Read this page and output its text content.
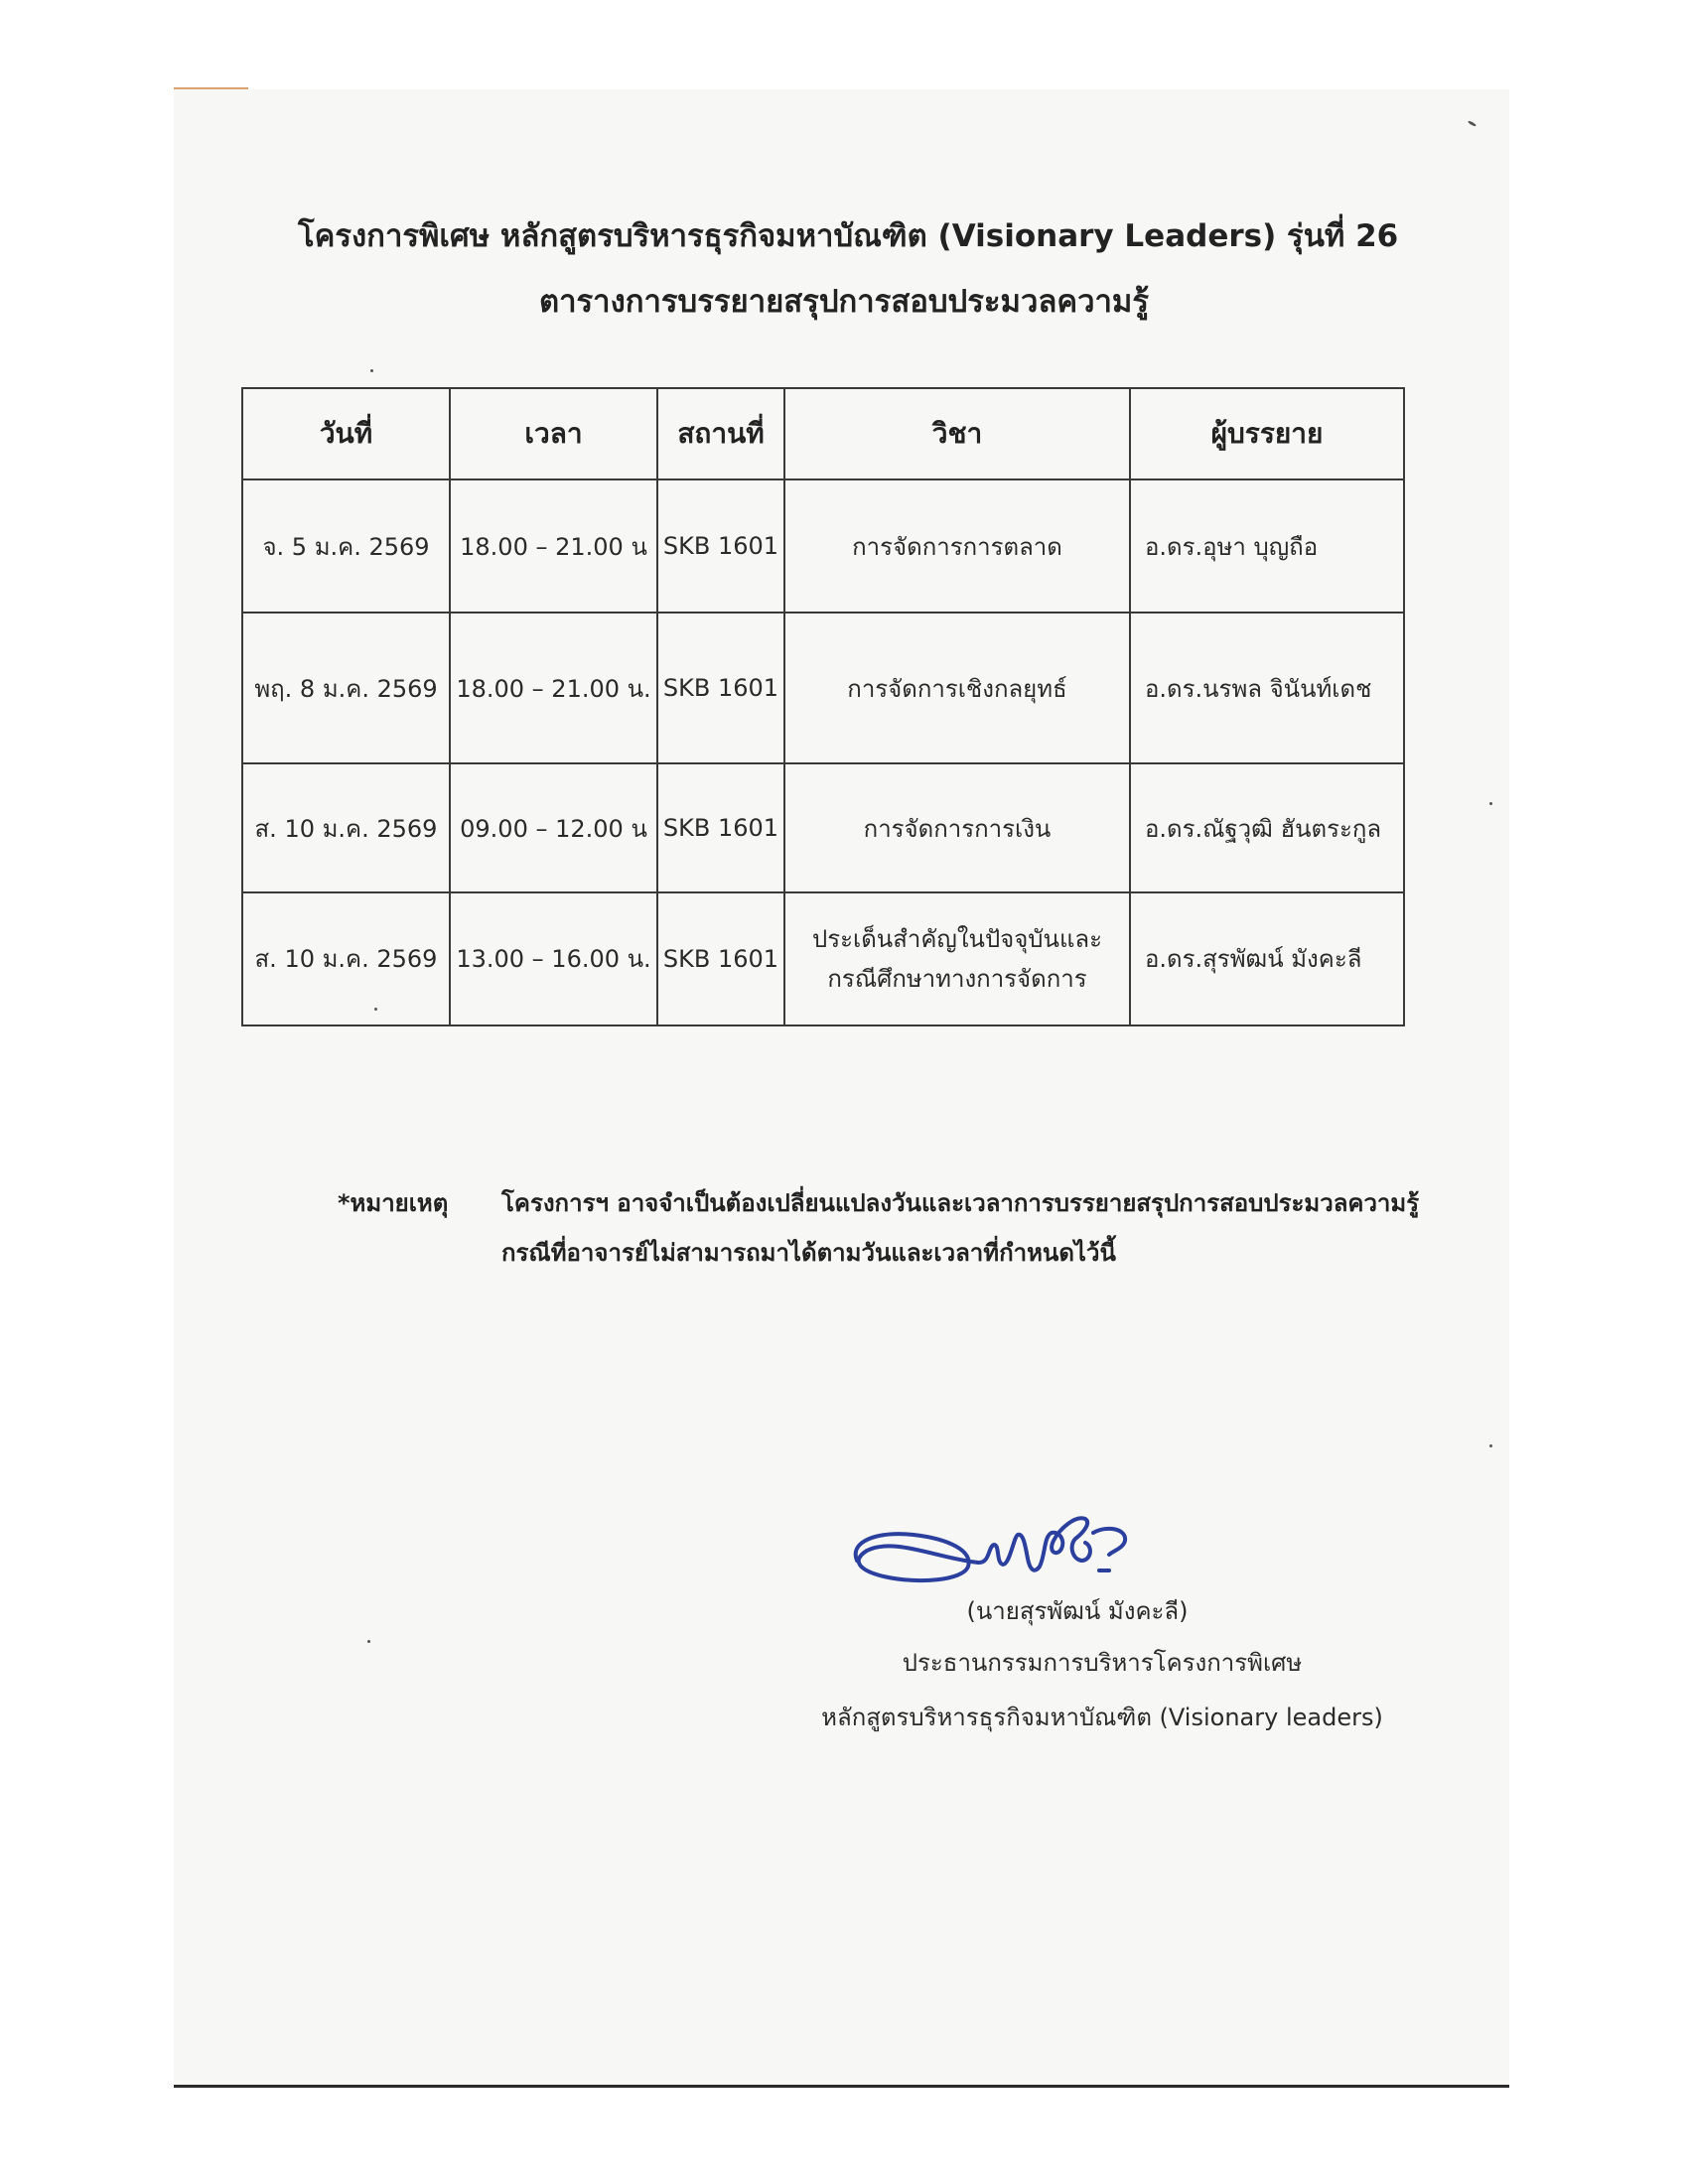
โครงการพิเศษ หลักสูตรบริหารธุรกิจมหาบัณฑิต (Visionary Leaders) รุ่นที่ 26
ตารางการบรรยายสรุปการสอบประมวลความรู้
วันที่	เวลา	สถานที่	วิชา	ผู้บรรยาย
จ. 5 ม.ค. 2569	18.00 – 21.00 น	SKB 1601	การจัดการการตลาด	อ.ดร.อุษา บุญถือ
พฤ. 8 ม.ค. 2569	18.00 – 21.00 น.	SKB 1601	การจัดการเชิงกลยุทธ์	อ.ดร.นรพล จินันท์เดช
ส. 10 ม.ค. 2569	09.00 – 12.00 น	SKB 1601	การจัดการการเงิน	อ.ดร.ณัฐวุฒิ ฮันตระกูล
ส. 10 ม.ค. 2569	13.00 – 16.00 น.	SKB 1601	ประเด็นสำคัญในปัจจุบันและ
กรณีศึกษาทางการจัดการ	อ.ดร.สุรพัฒน์ มังคะลี
*หมายเหตุ โครงการฯ อาจจำเป็นต้องเปลี่ยนแปลงวันและเวลาการบรรยายสรุปการสอบประมวลความรู้
กรณีที่อาจารย์ไม่สามารถมาได้ตามวันและเวลาที่กำหนดไว้นี้
(นายสุรพัฒน์ มังคะลี)
ประธานกรรมการบริหารโครงการพิเศษ
หลักสูตรบริหารธุรกิจมหาบัณฑิต (Visionary leaders)
